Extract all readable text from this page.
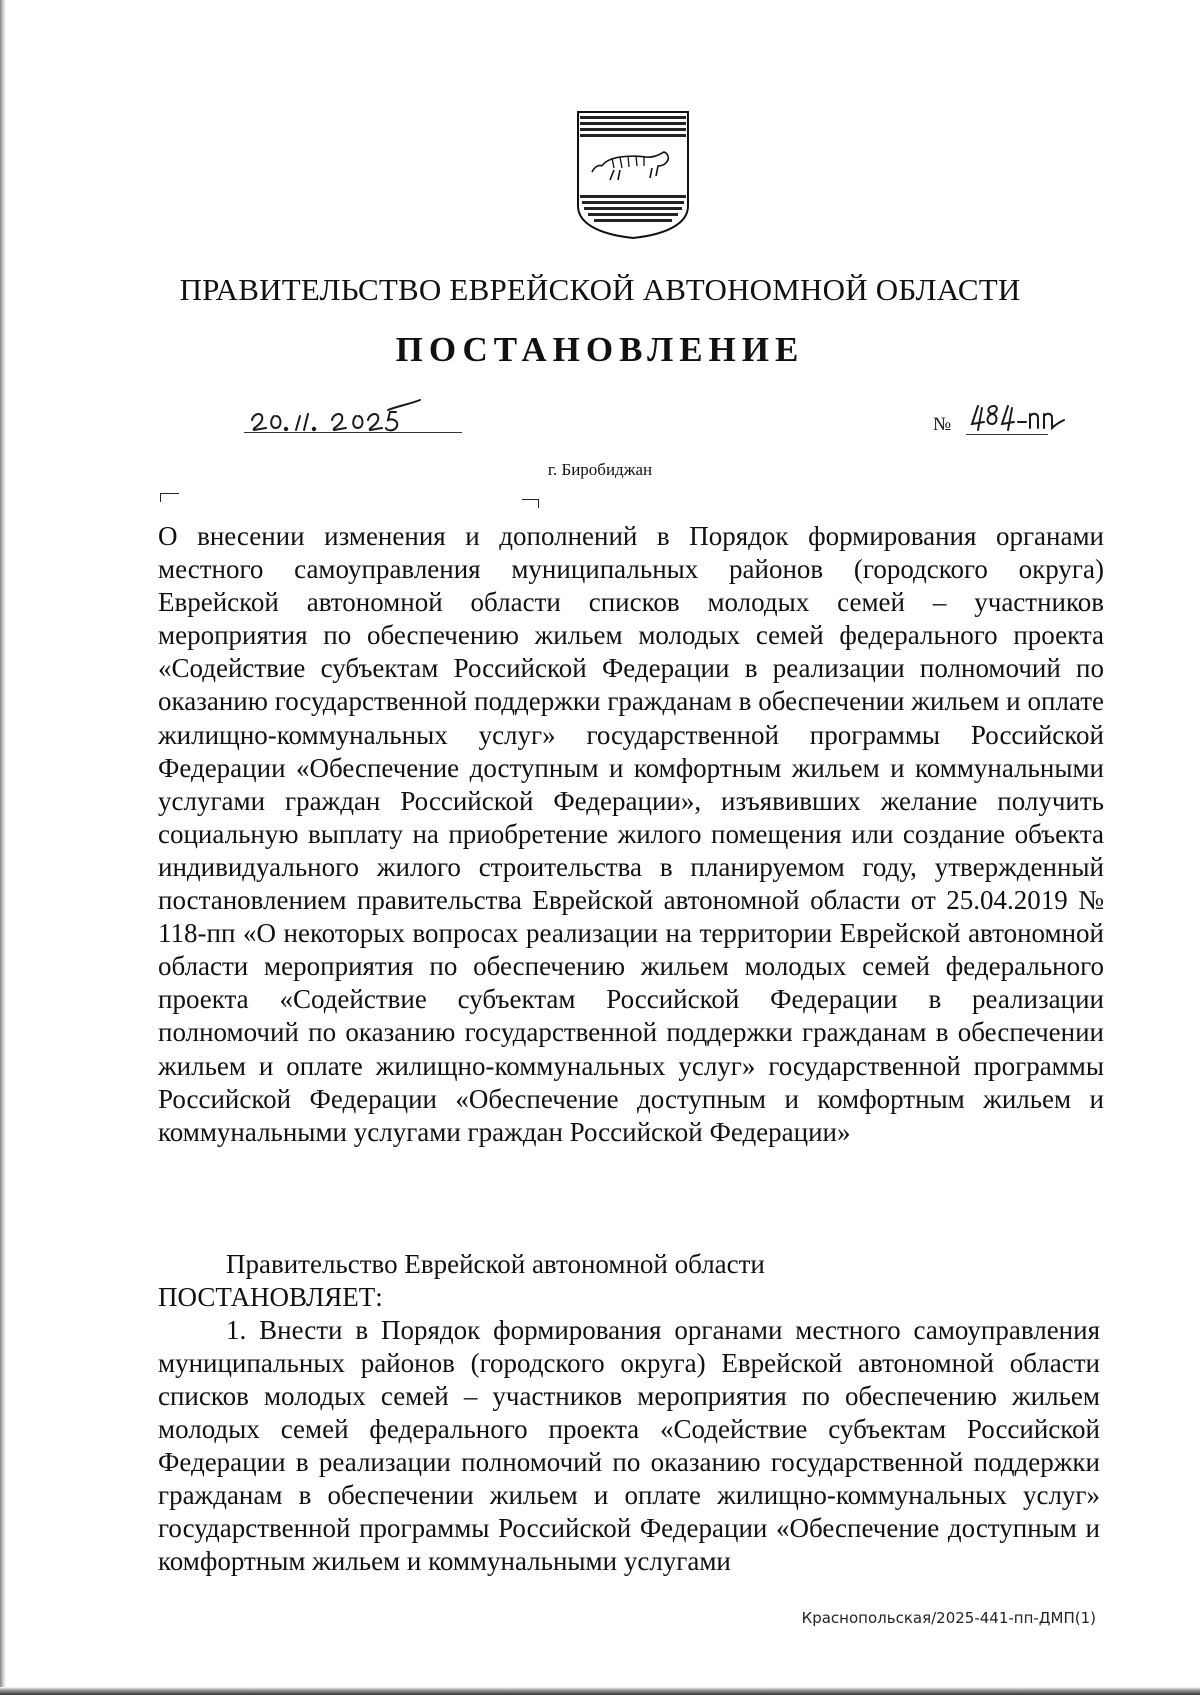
ПРАВИТЕЛЬСТВО ЕВРЕЙСКОЙ АВТОНОМНОЙ ОБЛАСТИ
ПОСТАНОВЛЕНИЕ
№
г. Биробиджан
О внесении изменения и дополнений в Порядок формирования органами местного самоуправления муниципальных районов (городского округа) Еврейской автономной области списков молодых семей – участников мероприятия по обеспечению жильем молодых семей федерального проекта «Содействие субъектам Российской Федерации в реализации полномочий по оказанию государственной поддержки гражданам в обеспечении жильем и оплате жилищно-коммунальных услуг» государственной программы Российской Федерации «Обеспечение доступным и комфортным жильем и коммунальными услугами граждан Российской Федерации», изъявивших желание получить социальную выплату на приобретение жилого помещения или создание объекта индивидуального жилого строительства в планируемом году, утвержденный постановлением правительства Еврейской автономной области от 25.04.2019 № 118-пп «О некоторых вопросах реализации на территории Еврейской автономной области мероприятия по обеспечению жильем молодых семей федерального проекта «Содействие субъектам Российской Федерации в реализации полномочий по оказанию государственной поддержки гражданам в обеспечении жильем и оплате жилищно-коммунальных услуг» государственной программы Российской Федерации «Обеспечение доступным и комфортным жильем и коммунальными услугами граждан Российской Федерации»
Правительство Еврейской автономной области
ПОСТАНОВЛЯЕТ:

1. Внести в Порядок формирования органами местного самоуправления муниципальных районов (городского округа) Еврейской автономной области списков молодых семей – участников мероприятия по обеспечению жильем молодых семей федерального проекта «Содействие субъектам Российской Федерации в реализации полномочий по оказанию государственной поддержки гражданам в обеспечении жильем и оплате жилищно-коммунальных услуг» государственной программы Российской Федерации «Обеспечение доступным и комфортным жильем и коммунальными услугами

Краснопольская/2025-441-пп-ДМП(1)
